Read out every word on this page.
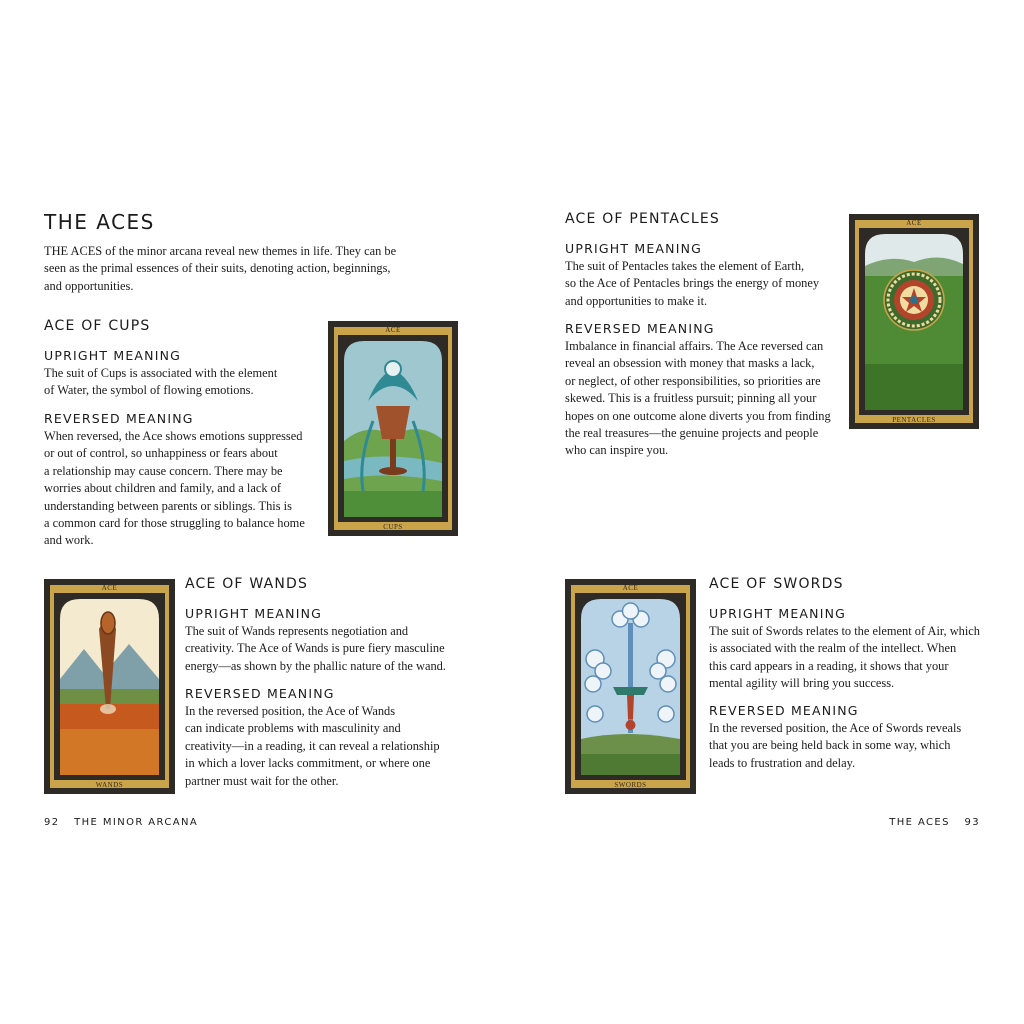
THE ACES
THE ACES of the minor arcana reveal new themes in life. They can be
seen as the primal essences of their suits, denoting action, beginnings,
and opportunities.
ACE OF CUPS
UPRIGHT MEANING
The suit of Cups is associated with the element
of Water, the symbol of flowing emotions.
REVERSED MEANING
When reversed, the Ace shows emotions suppressed
or out of control, so unhappiness or fears about
a relationship may cause concern. There may be
worries about children and family, and a lack of
understanding between parents or siblings. This is
a common card for those struggling to balance home
and work.
ACE
CUPS
ACE
WANDS
ACE OF WANDS
UPRIGHT MEANING
The suit of Wands represents negotiation and
creativity. The Ace of Wands is pure fiery masculine
energy—as shown by the phallic nature of the wand.
REVERSED MEANING
In the reversed position, the Ace of Wands
can indicate problems with masculinity and
creativity—in a reading, it can reveal a relationship
in which a lover lacks commitment, or where one
partner must wait for the other.
92 THE MINOR ARCANA
ACE OF PENTACLES
UPRIGHT MEANING
The suit of Pentacles takes the element of Earth,
so the Ace of Pentacles brings the energy of money
and opportunities to make it.
REVERSED MEANING
Imbalance in financial affairs. The Ace reversed can
reveal an obsession with money that masks a lack,
or neglect, of other responsibilities, so priorities are
skewed. This is a fruitless pursuit; pinning all your
hopes on one outcome alone diverts you from finding
the real treasures—the genuine projects and people
who can inspire you.
ACE
PENTACLES
ACE
SWORDS
ACE OF SWORDS
UPRIGHT MEANING
The suit of Swords relates to the element of Air, which
is associated with the realm of the intellect. When
this card appears in a reading, it shows that your
mental agility will bring you success.
REVERSED MEANING
In the reversed position, the Ace of Swords reveals
that you are being held back in some way, which
leads to frustration and delay.
THE ACES 93
